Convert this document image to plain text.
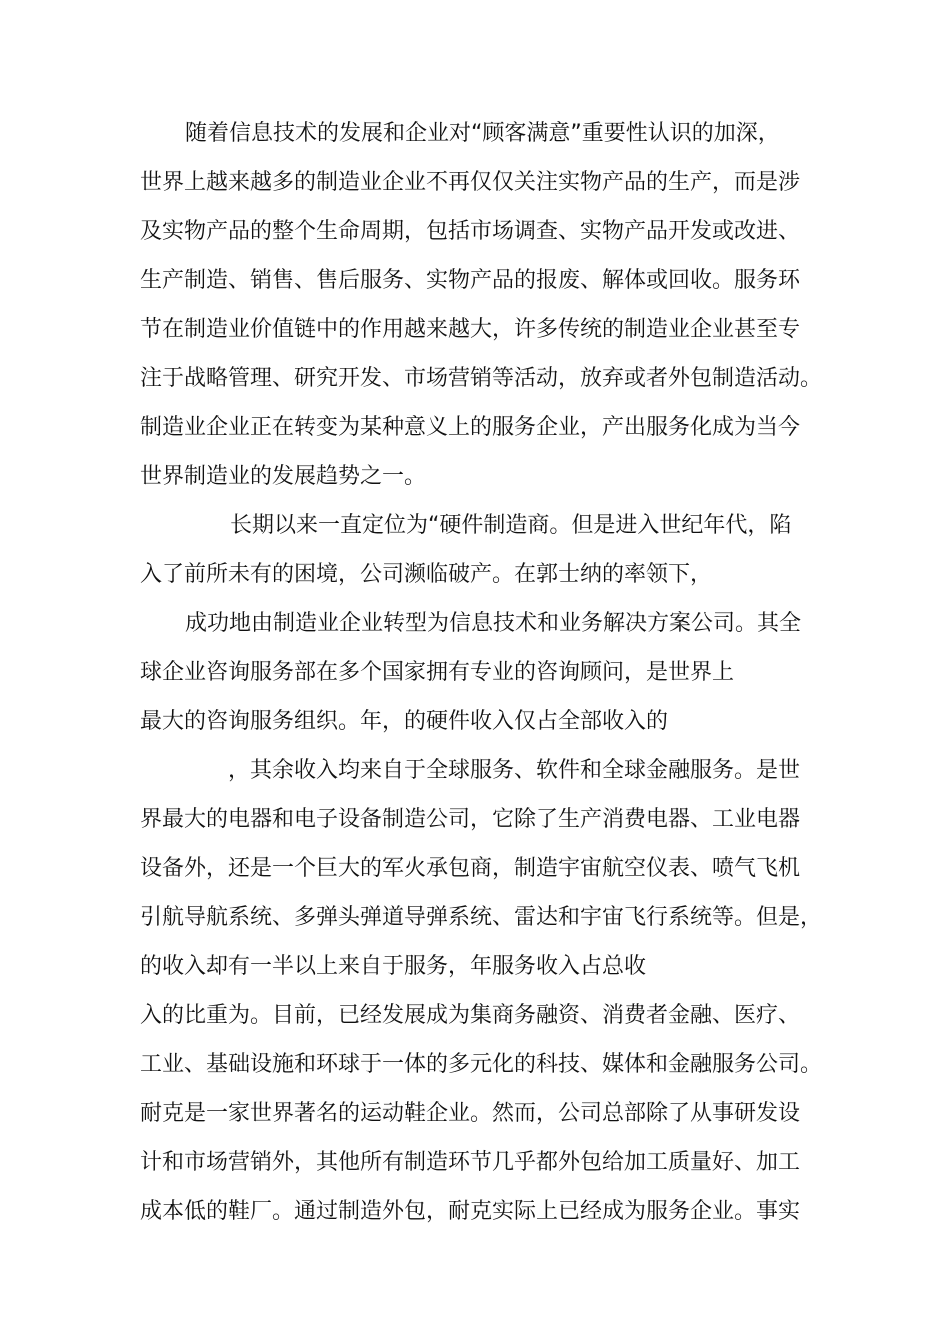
随着信息技术的发展和企业对“顾客满意”重要性认识的加深，
世界上越来越多的制造业企业不再仅仅关注实物产品的生产，而是涉
及实物产品的整个生命周期，包括市场调查、实物产品开发或改进、
生产制造、销售、售后服务、实物产品的报废、解体或回收。服务环
节在制造业价值链中的作用越来越大，许多传统的制造业企业甚至专
注于战略管理、研究开发、市场营销等活动，放弃或者外包制造活动。
制造业企业正在转变为某种意义上的服务企业，产出服务化成为当今
世界制造业的发展趋势之一。
长期以来一直定位为“硬件制造商。但是进入世纪年代，陷
入了前所未有的困境，公司濒临破产。在郭士纳的率领下，
成功地由制造业企业转型为信息技术和业务解决方案公司。其全
球企业咨询服务部在多个国家拥有专业的咨询顾问，是世界上
最大的咨询服务组织。年，的硬件收入仅占全部收入的
，其余收入均来自于全球服务、软件和全球金融服务。是世
界最大的电器和电子设备制造公司，它除了生产消费电器、工业电器
设备外，还是一个巨大的军火承包商，制造宇宙航空仪表、喷气飞机
引航导航系统、多弹头弹道导弹系统、雷达和宇宙飞行系统等。但是，
的收入却有一半以上来自于服务，年服务收入占总收
入的比重为。目前，已经发展成为集商务融资、消费者金融、医疗、
工业、基础设施和环球于一体的多元化的科技、媒体和金融服务公司。
耐克是一家世界著名的运动鞋企业。然而，公司总部除了从事研发设
计和市场营销外，其他所有制造环节几乎都外包给加工质量好、加工
成本低的鞋厂。通过制造外包，耐克实际上已经成为服务企业。事实
